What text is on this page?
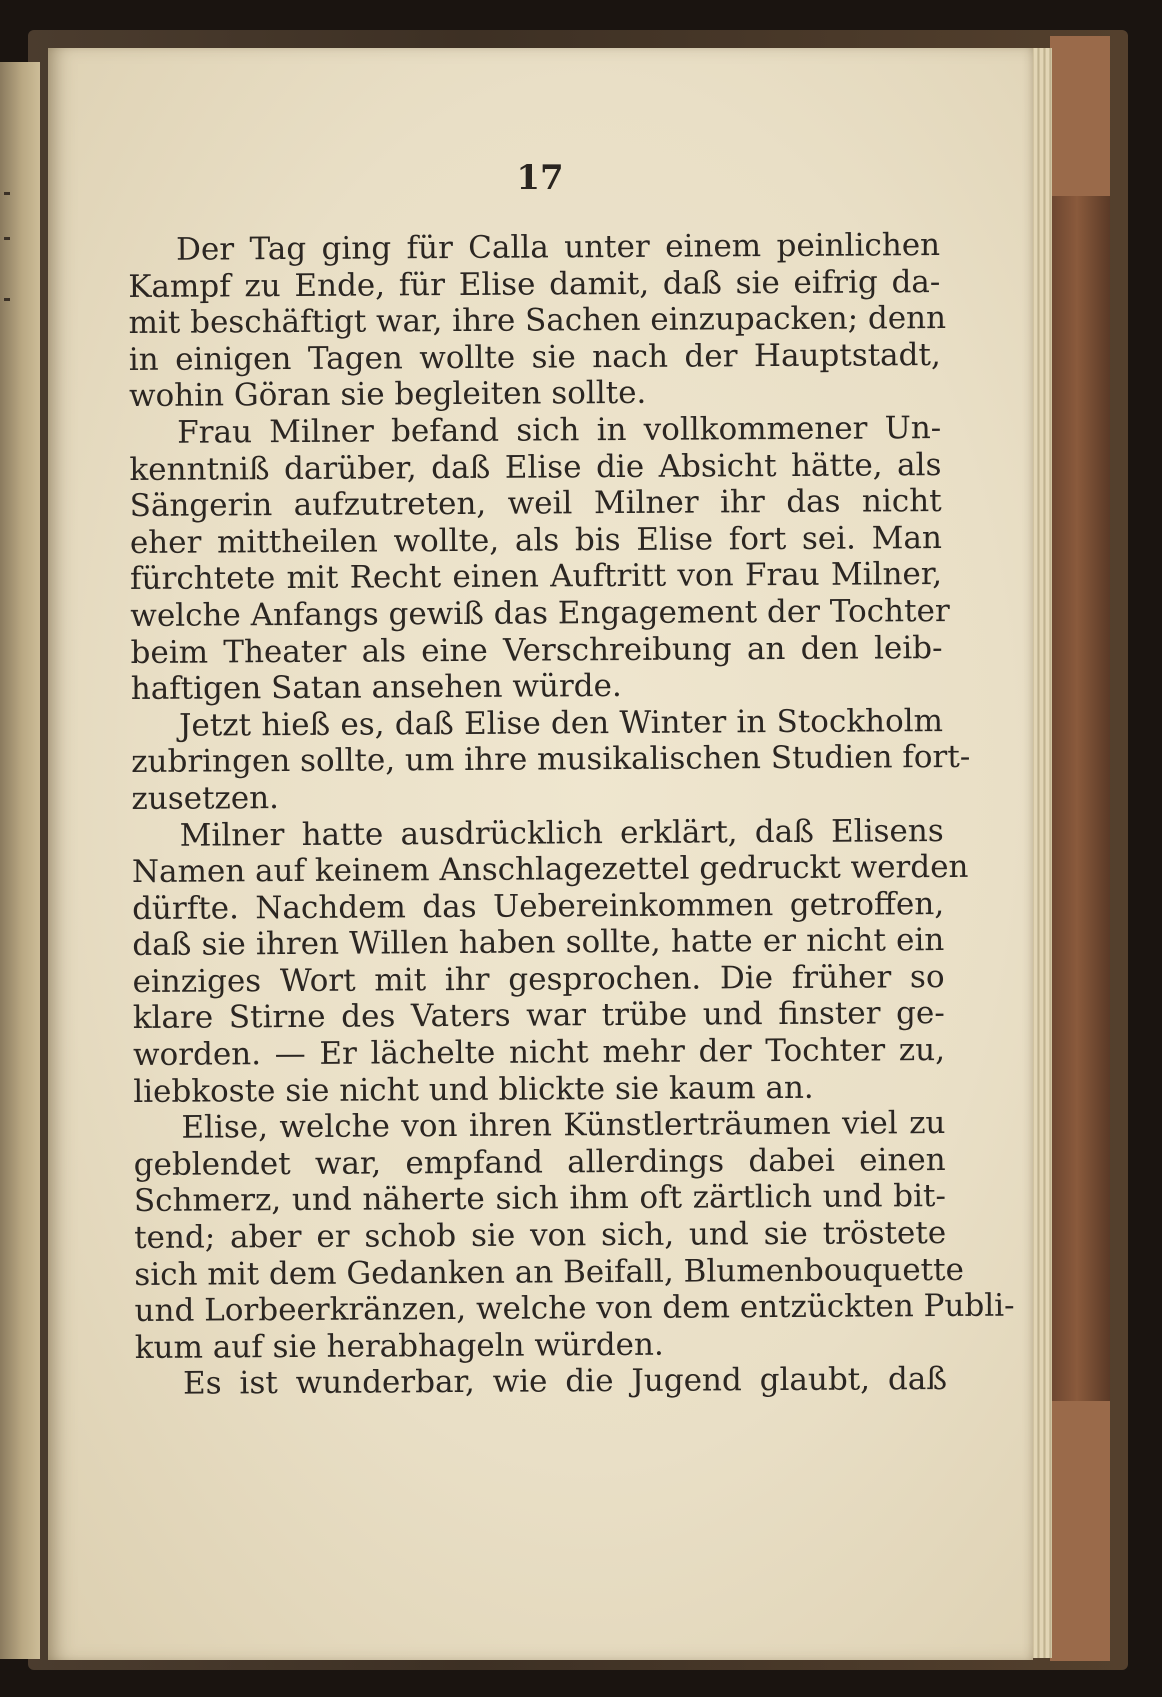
17
Der Tag ging für Calla unter einem peinlichen
Kampf zu Ende, für Elise damit, daß sie eifrig da-
mit beschäftigt war, ihre Sachen einzupacken; denn
in einigen Tagen wollte sie nach der Hauptstadt,
wohin Göran sie begleiten sollte.
Frau Milner befand sich in vollkommener Un-
kenntniß darüber, daß Elise die Absicht hätte, als
Sängerin aufzutreten, weil Milner ihr das nicht
eher mittheilen wollte, als bis Elise fort sei. Man
fürchtete mit Recht einen Auftritt von Frau Milner,
welche Anfangs gewiß das Engagement der Tochter
beim Theater als eine Verschreibung an den leib-
haftigen Satan ansehen würde.
Jetzt hieß es, daß Elise den Winter in Stockholm
zubringen sollte, um ihre musikalischen Studien fort-
zusetzen.
Milner hatte ausdrücklich erklärt, daß Elisens
Namen auf keinem Anschlagezettel gedruckt werden
dürfte. Nachdem das Uebereinkommen getroffen,
daß sie ihren Willen haben sollte, hatte er nicht ein
einziges Wort mit ihr gesprochen. Die früher so
klare Stirne des Vaters war trübe und finster ge-
worden. — Er lächelte nicht mehr der Tochter zu,
liebkoste sie nicht und blickte sie kaum an.
Elise, welche von ihren Künstlerträumen viel zu
geblendet war, empfand allerdings dabei einen
Schmerz, und näherte sich ihm oft zärtlich und bit-
tend; aber er schob sie von sich, und sie tröstete
sich mit dem Gedanken an Beifall, Blumenbouquette
und Lorbeerkränzen, welche von dem entzückten Publi-
kum auf sie herabhageln würden.
Es ist wunderbar, wie die Jugend glaubt, daß
